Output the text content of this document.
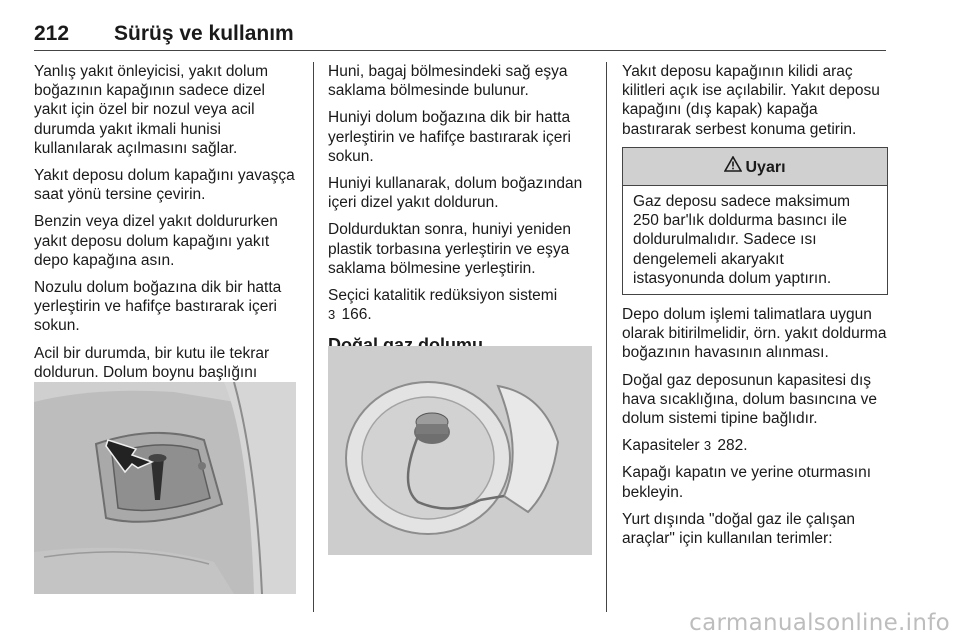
212 Sürüş ve kullanım

Yanlış yakıt önleyicisi, yakıt dolum boğazının kapağının sadece dizel yakıt için özel bir nozul veya acil durumda yakıt ikmali hunisi kullanılarak açılmasını sağlar.

Yakıt deposu dolum kapağını yavaşça saat yönü tersine çevirin.

Benzin veya dizel yakıt doldururken yakıt deposu dolum kapağını yakıt depo kapağına asın.

Nozulu dolum boğazına dik bir hatta yerleştirin ve hafifçe bastırarak içeri sokun.

Acil bir durumda, bir kutu ile tekrar doldurun. Dolum boynu başlığını

Huni, bagaj bölmesindeki sağ eşya saklama bölmesinde bulunur.

Huniyi dolum boğazına dik bir hatta yerleştirin ve hafifçe bastırarak içeri sokun.

Huniyi kullanarak, dolum boğazından içeri dizel yakıt doldurun.

Doldurduktan sonra, huniyi yeniden plastik torbasına yerleştirin ve eşya saklama bölmesine yerleştirin.

Seçici katalitik redüksiyon sistemi
3 166.

Yakıt deposu kapağının kilidi araç kilitleri açık ise açılabilir. Yakıt deposu kapağını (dış kapak) kapağa bastırarak serbest konuma getirin.

Uyarı
Gaz deposu sadece maksimum 250 bar'lık doldurma basıncı ile doldurulmalıdır. Sadece ısı dengelemeli akaryakıt istasyonunda dolum yaptırın.

Depo dolum işlemi talimatlara uygun olarak bitirilmelidir, örn. yakıt doldurma boğazının havasının alınması.

Doğal gaz deposunun kapasitesi dış hava sıcaklığına, dolum basıncına ve dolum sistemi tipine bağlıdır.

Kapasiteler 3 282.

Kapağı kapatın ve yerine oturmasını bekleyin.

Yurt dışında "doğal gaz ile çalışan araçlar" için kullanılan terimler:

carmanualsonline.info
